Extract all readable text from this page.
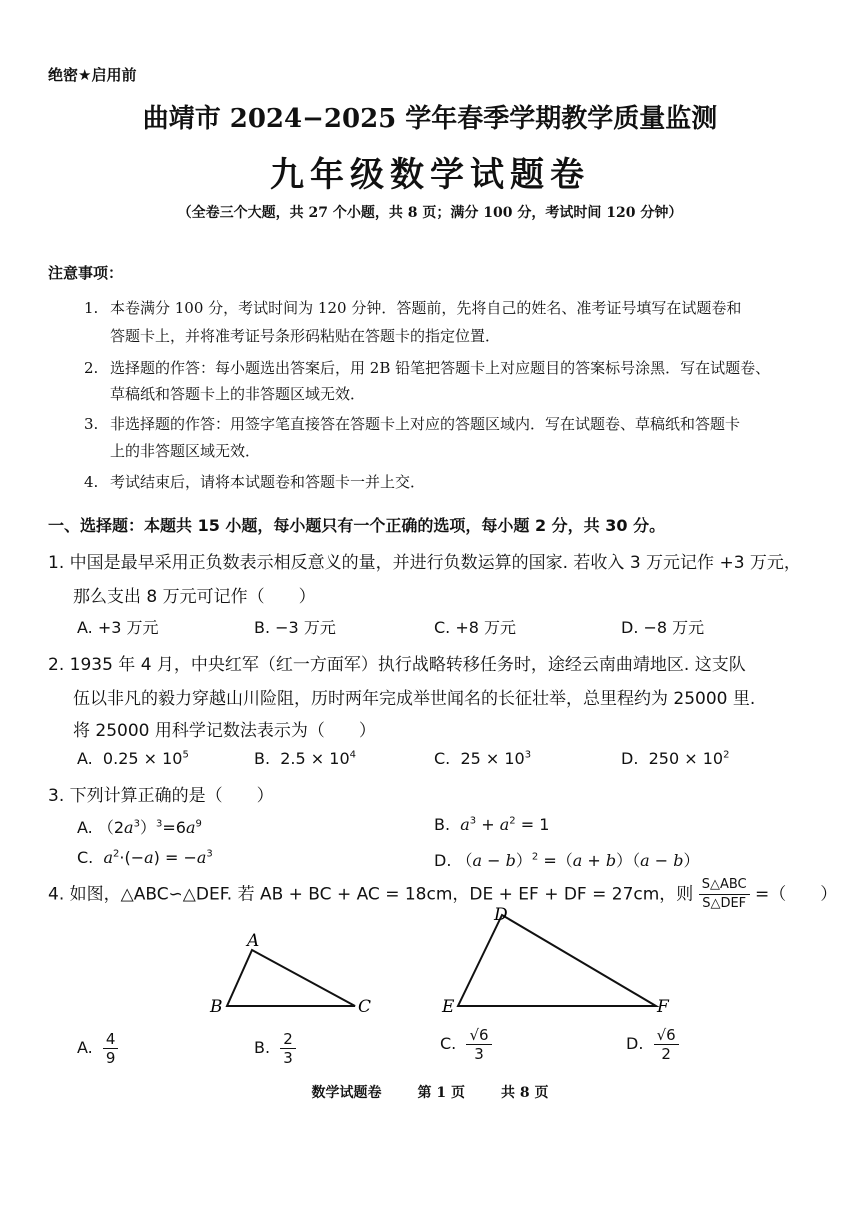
绝密★启用前
曲靖市 2024−2025 学年春季学期教学质量监测
九年级数学试题卷
（全卷三个大题，共 27 个小题，共 8 页；满分 100 分，考试时间 120 分钟）
注意事项：
1. 本卷满分 100 分，考试时间为 120 分钟．答题前，先将自己的姓名、准考证号填写在试题卷和
答题卡上，并将准考证号条形码粘贴在答题卡的指定位置．
2. 选择题的作答：每小题选出答案后，用 2B 铅笔把答题卡上对应题目的答案标号涂黑．写在试题卷、
草稿纸和答题卡上的非答题区域无效．
3. 非选择题的作答：用签字笔直接答在答题卡上对应的答题区域内．写在试题卷、草稿纸和答题卡
上的非答题区域无效．
4. 考试结束后，请将本试题卷和答题卡一并上交．
一、选择题：本题共 15 小题，每小题只有一个正确的选项，每小题 2 分，共 30 分。
1. 中国是最早采用正负数表示相反意义的量，并进行负数运算的国家. 若收入 3 万元记作 +3 万元，
那么支出 8 万元可记作（　　）
A. +3 万元	B. −3 万元	C. +8 万元	D. −8 万元
2. 1935 年 4 月，中央红军（红一方面军）执行战略转移任务时，途经云南曲靖地区. 这支队
伍以非凡的毅力穿越山川险阻，历时两年完成举世闻名的长征壮举，总里程约为 25000 里.
将 25000 用科学记数法表示为（　　）
A. $0.25 \times 10^5$	B. $2.5 \times 10^4$	C. $25 \times 10^3$	D. $250 \times 10^2$
3. 下列计算正确的是（　　）
A. $(2a^3)^3=6a^9$	B. $a^3 + a^2 = 1$
C. $a^2\cdot(-a) = -a^3$	D. $(a - b)^2 =(a + b)(a - b)$
4. 如图，△ABC∽△DEF. 若 AB + BC + AC = 18cm，DE + EF + DF = 27cm，则 $\frac{\text{S△ABC}}{\text{S△DEF}}$ =（　　）
A
B	C
D
E	F
A. $\frac{4}{9}$	B. $\frac{2}{3}$	C. $\frac{√6}{3}$	D. $\frac{√6}{2}$
数学试题卷	第 1 页	共 8 页
